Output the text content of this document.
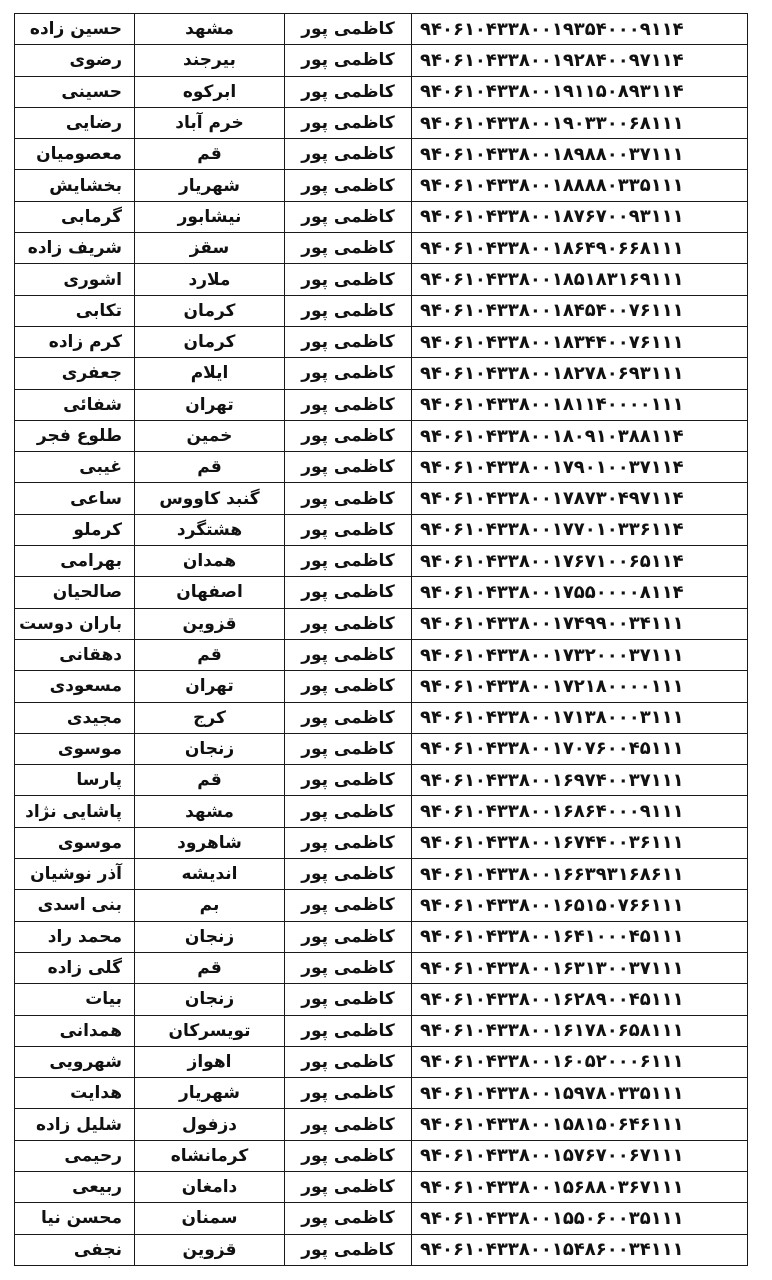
حسین زاده	مشهد	کاظمی پور	۹۴۰۶۱۰۴۳۳۸۰۰۱۹۳۵۴۰۰۰۹۱۱۴
رضوی	بیرجند	کاظمی پور	۹۴۰۶۱۰۴۳۳۸۰۰۱۹۲۸۴۰۰۹۷۱۱۴
حسینی	ابرکوه	کاظمی پور	۹۴۰۶۱۰۴۳۳۸۰۰۱۹۱۱۵۰۸۹۳۱۱۴
رضایی	خرم آباد	کاظمی پور	۹۴۰۶۱۰۴۳۳۸۰۰۱۹۰۳۳۰۰۶۸۱۱۱
معصومیان	قم	کاظمی پور	۹۴۰۶۱۰۴۳۳۸۰۰۱۸۹۸۸۰۰۳۷۱۱۱
بخشایش	شهریار	کاظمی پور	۹۴۰۶۱۰۴۳۳۸۰۰۱۸۸۸۸۰۳۳۵۱۱۱
گرمابی	نیشابور	کاظمی پور	۹۴۰۶۱۰۴۳۳۸۰۰۱۸۷۶۷۰۰۹۳۱۱۱
شریف زاده	سقز	کاظمی پور	۹۴۰۶۱۰۴۳۳۸۰۰۱۸۶۴۹۰۶۶۸۱۱۱
اشوری	ملارد	کاظمی پور	۹۴۰۶۱۰۴۳۳۸۰۰۱۸۵۱۸۳۱۶۹۱۱۱
تکابی	کرمان	کاظمی پور	۹۴۰۶۱۰۴۳۳۸۰۰۱۸۴۵۴۰۰۷۶۱۱۱
کرم زاده	کرمان	کاظمی پور	۹۴۰۶۱۰۴۳۳۸۰۰۱۸۳۴۴۰۰۷۶۱۱۱
جعفری	ایلام	کاظمی پور	۹۴۰۶۱۰۴۳۳۸۰۰۱۸۲۷۸۰۶۹۳۱۱۱
شفائی	تهران	کاظمی پور	۹۴۰۶۱۰۴۳۳۸۰۰۱۸۱۱۴۰۰۰۰۱۱۱
طلوع فجر	خمین	کاظمی پور	۹۴۰۶۱۰۴۳۳۸۰۰۱۸۰۹۱۰۳۸۸۱۱۴
غیبی	قم	کاظمی پور	۹۴۰۶۱۰۴۳۳۸۰۰۱۷۹۰۱۰۰۳۷۱۱۴
ساعی	گنبد کاووس	کاظمی پور	۹۴۰۶۱۰۴۳۳۸۰۰۱۷۸۷۳۰۴۹۷۱۱۴
کرملو	هشتگرد	کاظمی پور	۹۴۰۶۱۰۴۳۳۸۰۰۱۷۷۰۱۰۳۳۶۱۱۴
بهرامی	همدان	کاظمی پور	۹۴۰۶۱۰۴۳۳۸۰۰۱۷۶۷۱۰۰۶۵۱۱۴
صالحیان	اصفهان	کاظمی پور	۹۴۰۶۱۰۴۳۳۸۰۰۱۷۵۵۰۰۰۰۸۱۱۴
باران دوست	قزوین	کاظمی پور	۹۴۰۶۱۰۴۳۳۸۰۰۱۷۴۹۹۰۰۳۴۱۱۱
دهقانی	قم	کاظمی پور	۹۴۰۶۱۰۴۳۳۸۰۰۱۷۳۲۰۰۰۳۷۱۱۱
مسعودی	تهران	کاظمی پور	۹۴۰۶۱۰۴۳۳۸۰۰۱۷۲۱۸۰۰۰۰۱۱۱
مجیدی	کرج	کاظمی پور	۹۴۰۶۱۰۴۳۳۸۰۰۱۷۱۳۸۰۰۰۳۱۱۱
موسوی	زنجان	کاظمی پور	۹۴۰۶۱۰۴۳۳۸۰۰۱۷۰۷۶۰۰۴۵۱۱۱
پارسا	قم	کاظمی پور	۹۴۰۶۱۰۴۳۳۸۰۰۱۶۹۷۴۰۰۳۷۱۱۱
پاشایی نژاد	مشهد	کاظمی پور	۹۴۰۶۱۰۴۳۳۸۰۰۱۶۸۶۴۰۰۰۹۱۱۱
موسوی	شاهرود	کاظمی پور	۹۴۰۶۱۰۴۳۳۸۰۰۱۶۷۴۴۰۰۳۶۱۱۱
آذر نوشیان	اندیشه	کاظمی پور	۹۴۰۶۱۰۴۳۳۸۰۰۱۶۶۳۹۳۱۶۸۶۱۱
بنی اسدی	بم	کاظمی پور	۹۴۰۶۱۰۴۳۳۸۰۰۱۶۵۱۵۰۷۶۶۱۱۱
محمد راد	زنجان	کاظمی پور	۹۴۰۶۱۰۴۳۳۸۰۰۱۶۴۱۰۰۰۴۵۱۱۱
گلی زاده	قم	کاظمی پور	۹۴۰۶۱۰۴۳۳۸۰۰۱۶۳۱۳۰۰۳۷۱۱۱
بیات	زنجان	کاظمی پور	۹۴۰۶۱۰۴۳۳۸۰۰۱۶۲۸۹۰۰۴۵۱۱۱
همدانی	تویسرکان	کاظمی پور	۹۴۰۶۱۰۴۳۳۸۰۰۱۶۱۷۸۰۶۵۸۱۱۱
شهرویی	اهواز	کاظمی پور	۹۴۰۶۱۰۴۳۳۸۰۰۱۶۰۵۲۰۰۰۶۱۱۱
هدایت	شهریار	کاظمی پور	۹۴۰۶۱۰۴۳۳۸۰۰۱۵۹۷۸۰۳۳۵۱۱۱
شلیل زاده	دزفول	کاظمی پور	۹۴۰۶۱۰۴۳۳۸۰۰۱۵۸۱۵۰۶۴۶۱۱۱
رحیمی	کرمانشاه	کاظمی پور	۹۴۰۶۱۰۴۳۳۸۰۰۱۵۷۶۷۰۰۶۷۱۱۱
ربیعی	دامغان	کاظمی پور	۹۴۰۶۱۰۴۳۳۸۰۰۱۵۶۸۸۰۳۶۷۱۱۱
محسن نیا	سمنان	کاظمی پور	۹۴۰۶۱۰۴۳۳۸۰۰۱۵۵۰۶۰۰۳۵۱۱۱
نجفی	قزوین	کاظمی پور	۹۴۰۶۱۰۴۳۳۸۰۰۱۵۴۸۶۰۰۳۴۱۱۱
